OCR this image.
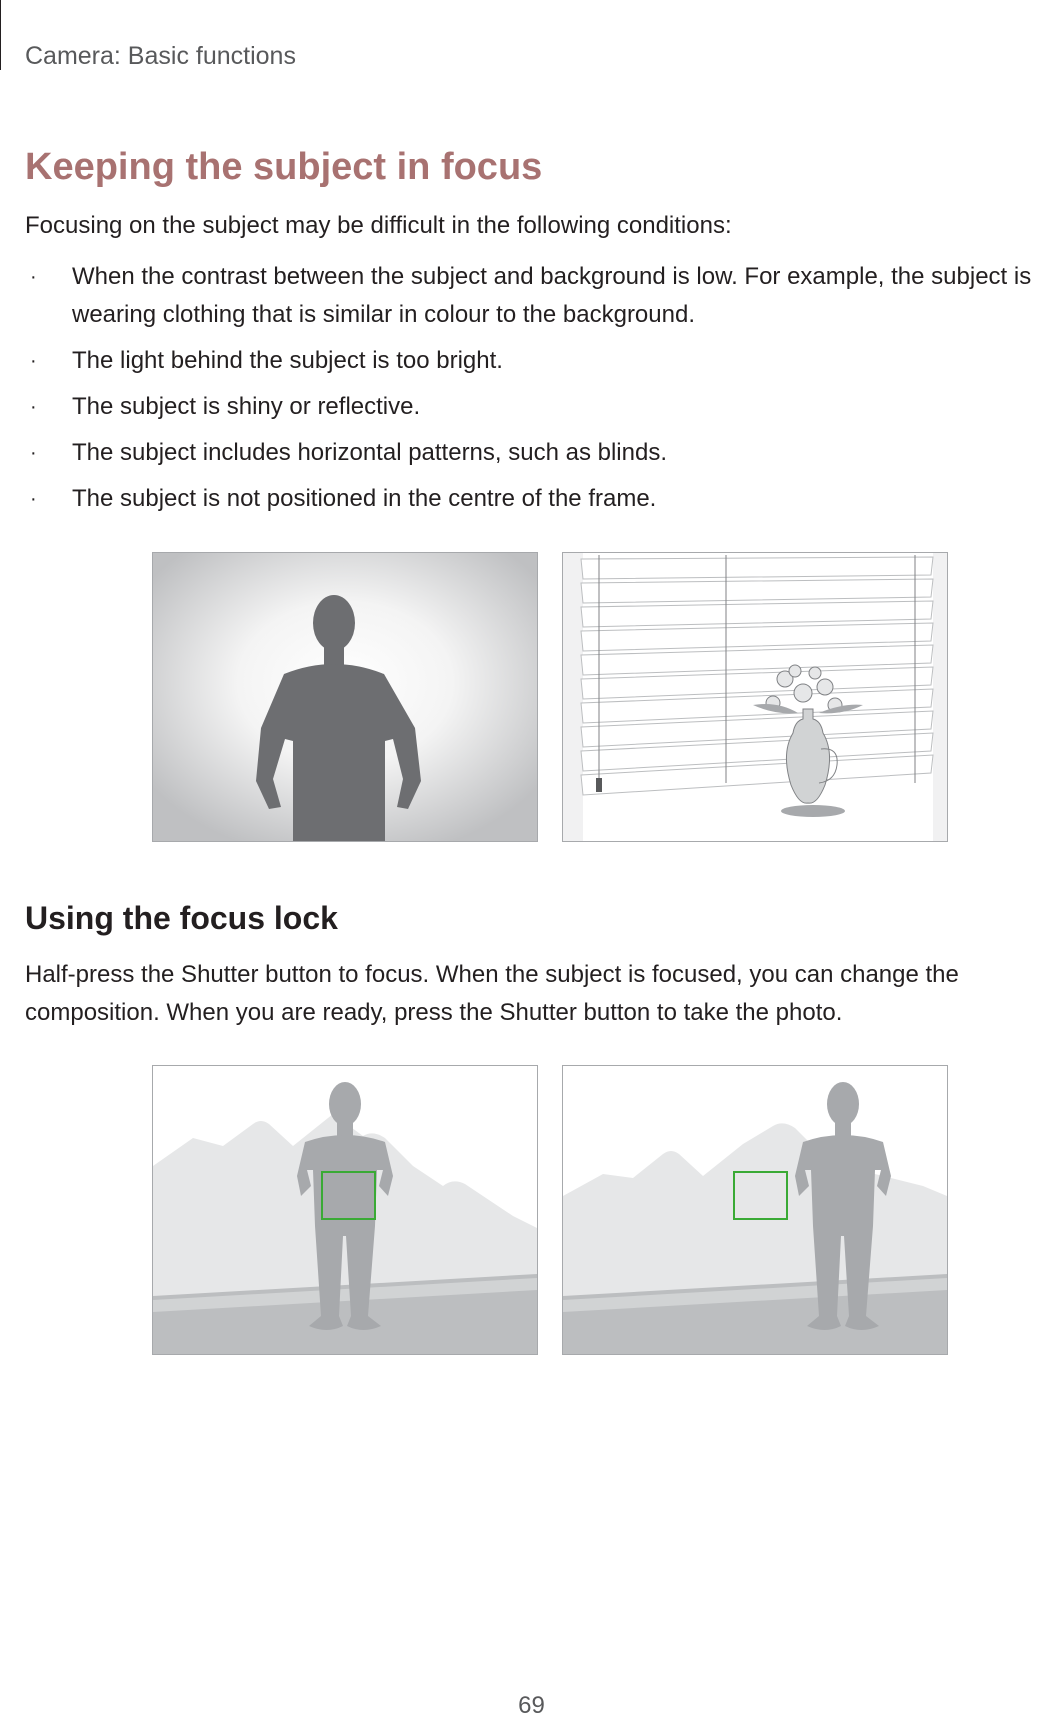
Camera: Basic functions
Keeping the subject in focus

Focusing on the subject may be difficult in the following conditions:

· When the contrast between the subject and background is low. For example, the subject is wearing clothing that is similar in colour to the background.
· The light behind the subject is too bright.
· The subject is shiny or reflective.
· The subject includes horizontal patterns, such as blinds.
· The subject is not positioned in the centre of the frame.
Using the focus lock

Half-press the Shutter button to focus. When the subject is focused, you can change the composition. When you are ready, press the Shutter button to take the photo.

69
